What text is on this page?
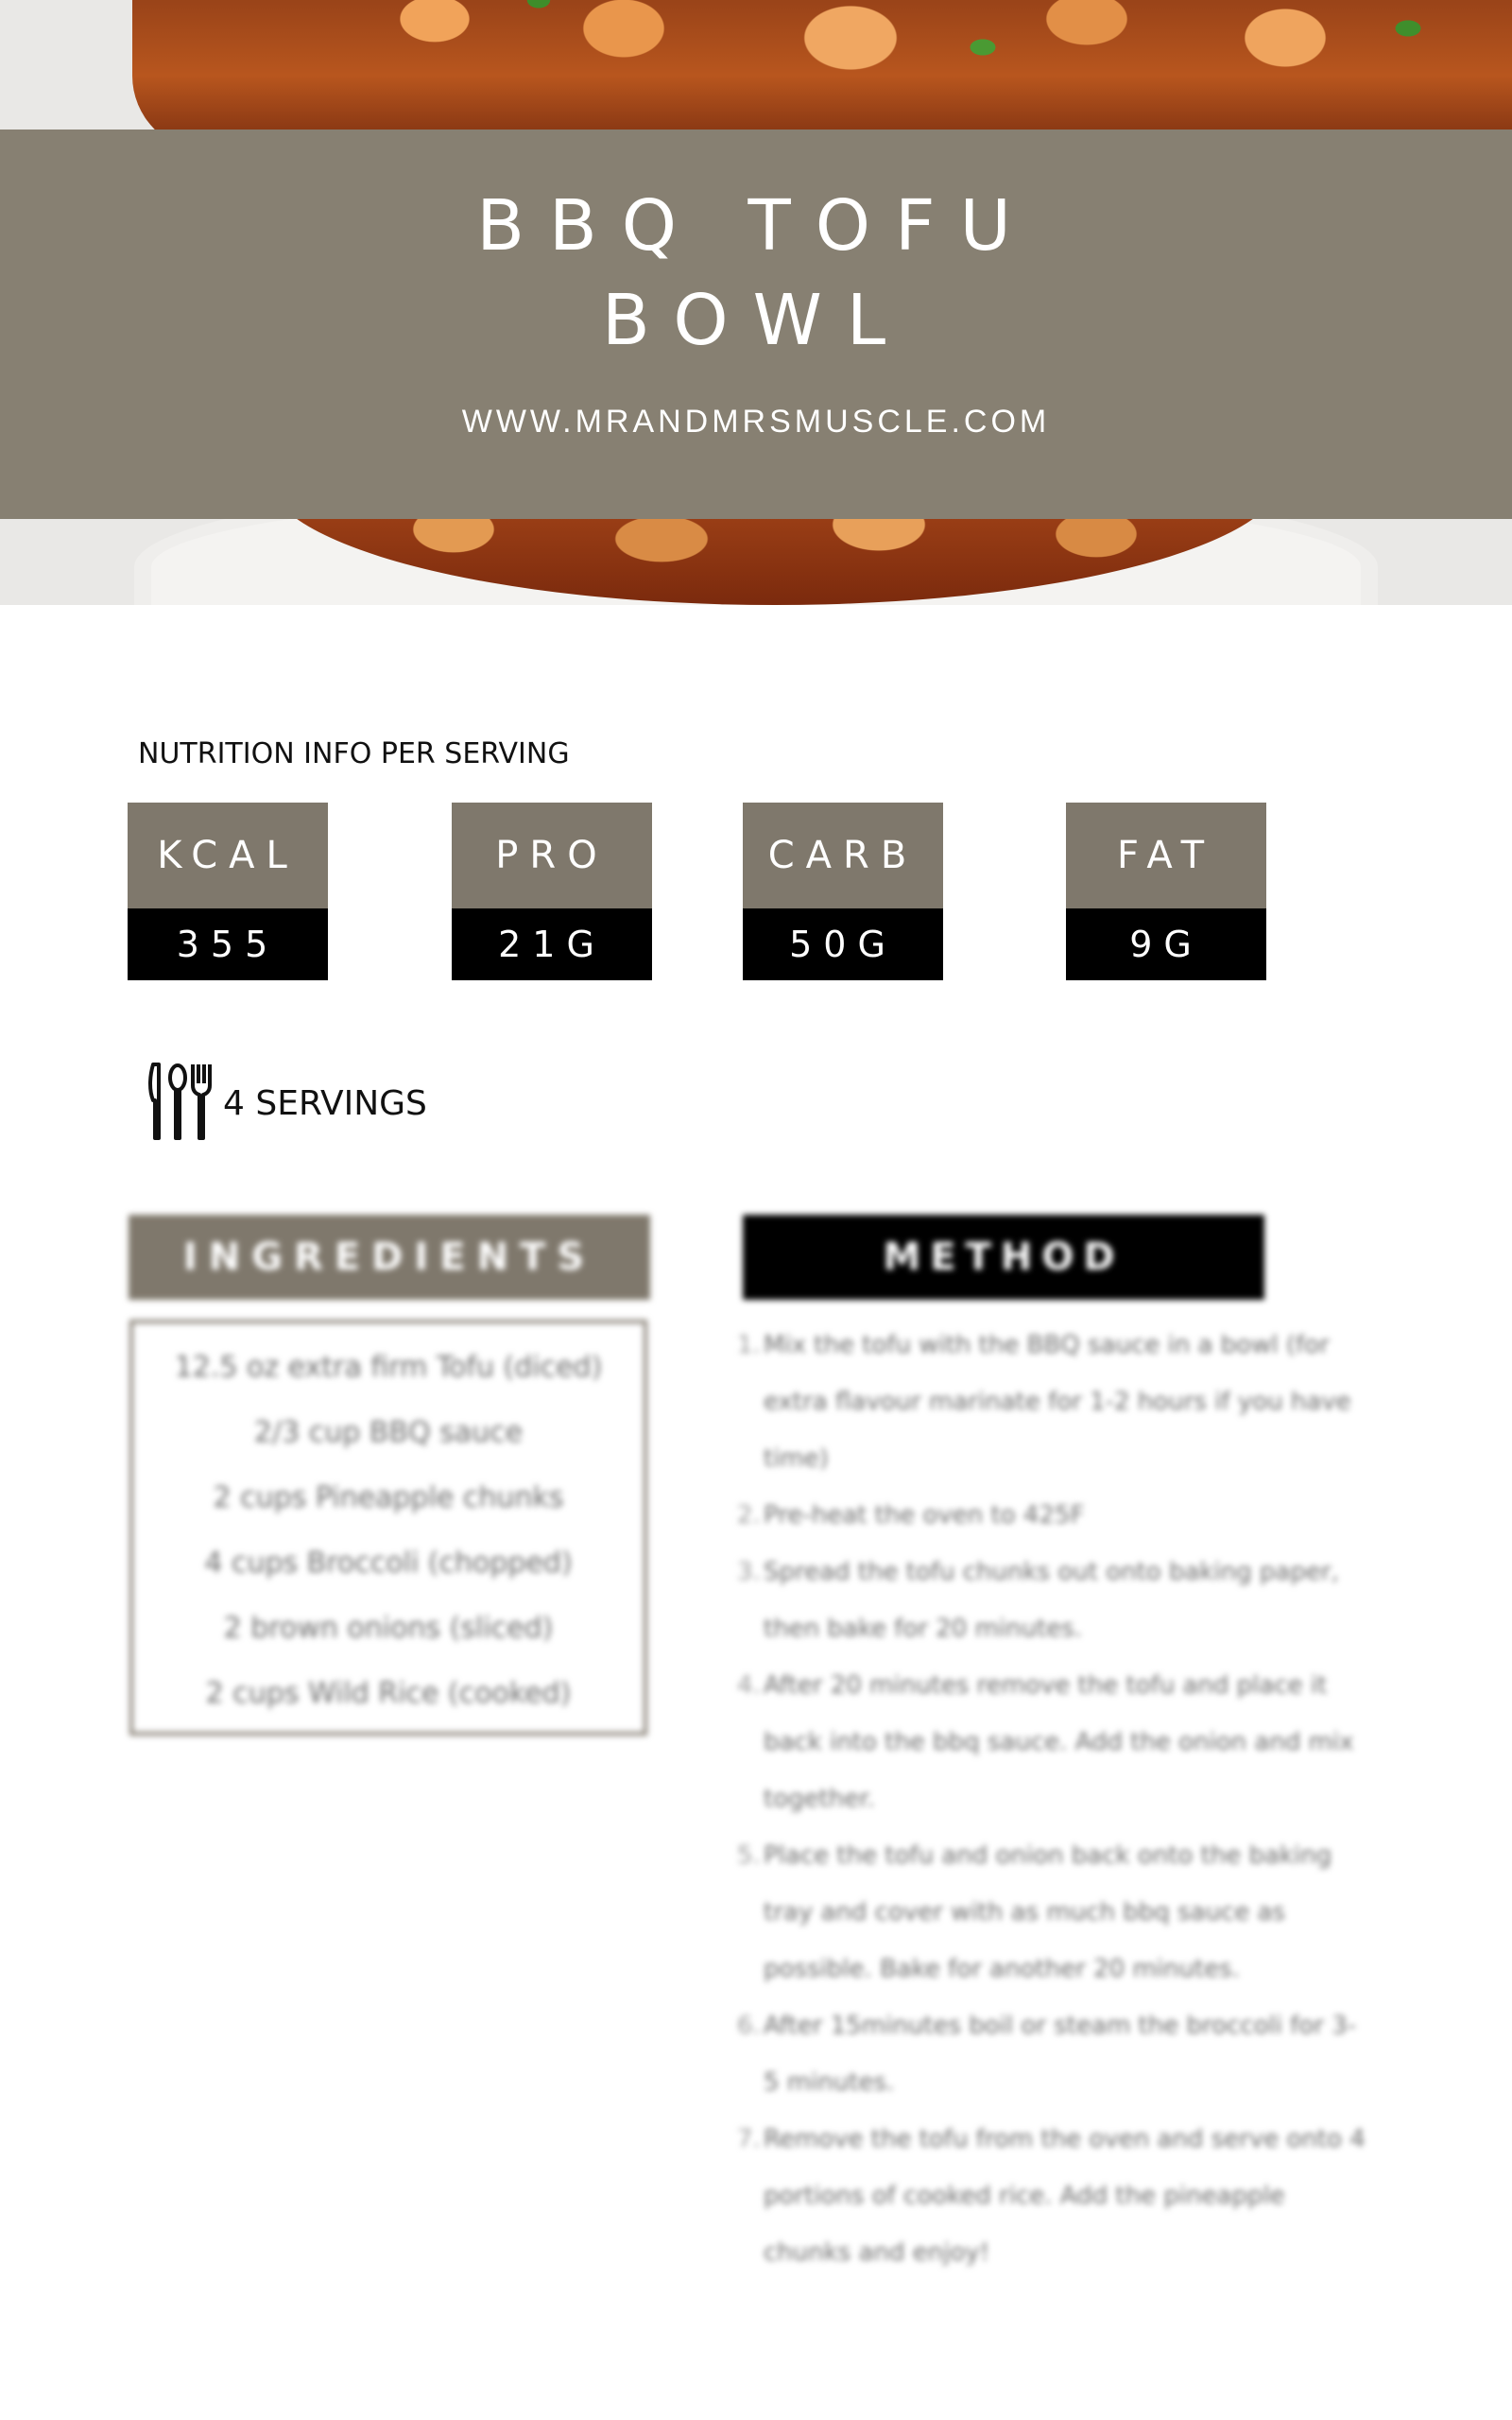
BBQ TOFU
BOWL
WWW.MRANDMRSMUSCLE.COM
NUTRITION INFO PER SERVING
KCAL
355
PRO
21G
CARB
50G
FAT
9G
4 SERVINGS
INGREDIENTS
12.5 oz extra firm Tofu (diced)
2/3 cup BBQ sauce
2 cups Pineapple chunks
4 cups Broccoli (chopped)
2 brown onions (sliced)
2 cups Wild Rice (cooked)
METHOD
1. Mix the tofu with the BBQ sauce in a bowl (for extra flavour marinate for 1-2 hours if you have time)
2. Pre-heat the oven to 425F
3. Spread the tofu chunks out onto baking paper, then bake for 20 minutes.
4. After 20 minutes remove the tofu and place it back into the bbq sauce. Add the onion and mix together.
5. Place the tofu and onion back onto the baking tray and cover with as much bbq sauce as possible. Bake for another 20 minutes.
6. After 15minutes boil or steam the broccoli for 3-5 minutes.
7. Remove the tofu from the oven and serve onto 4 portions of cooked rice. Add the pineapple chunks and enjoy!
